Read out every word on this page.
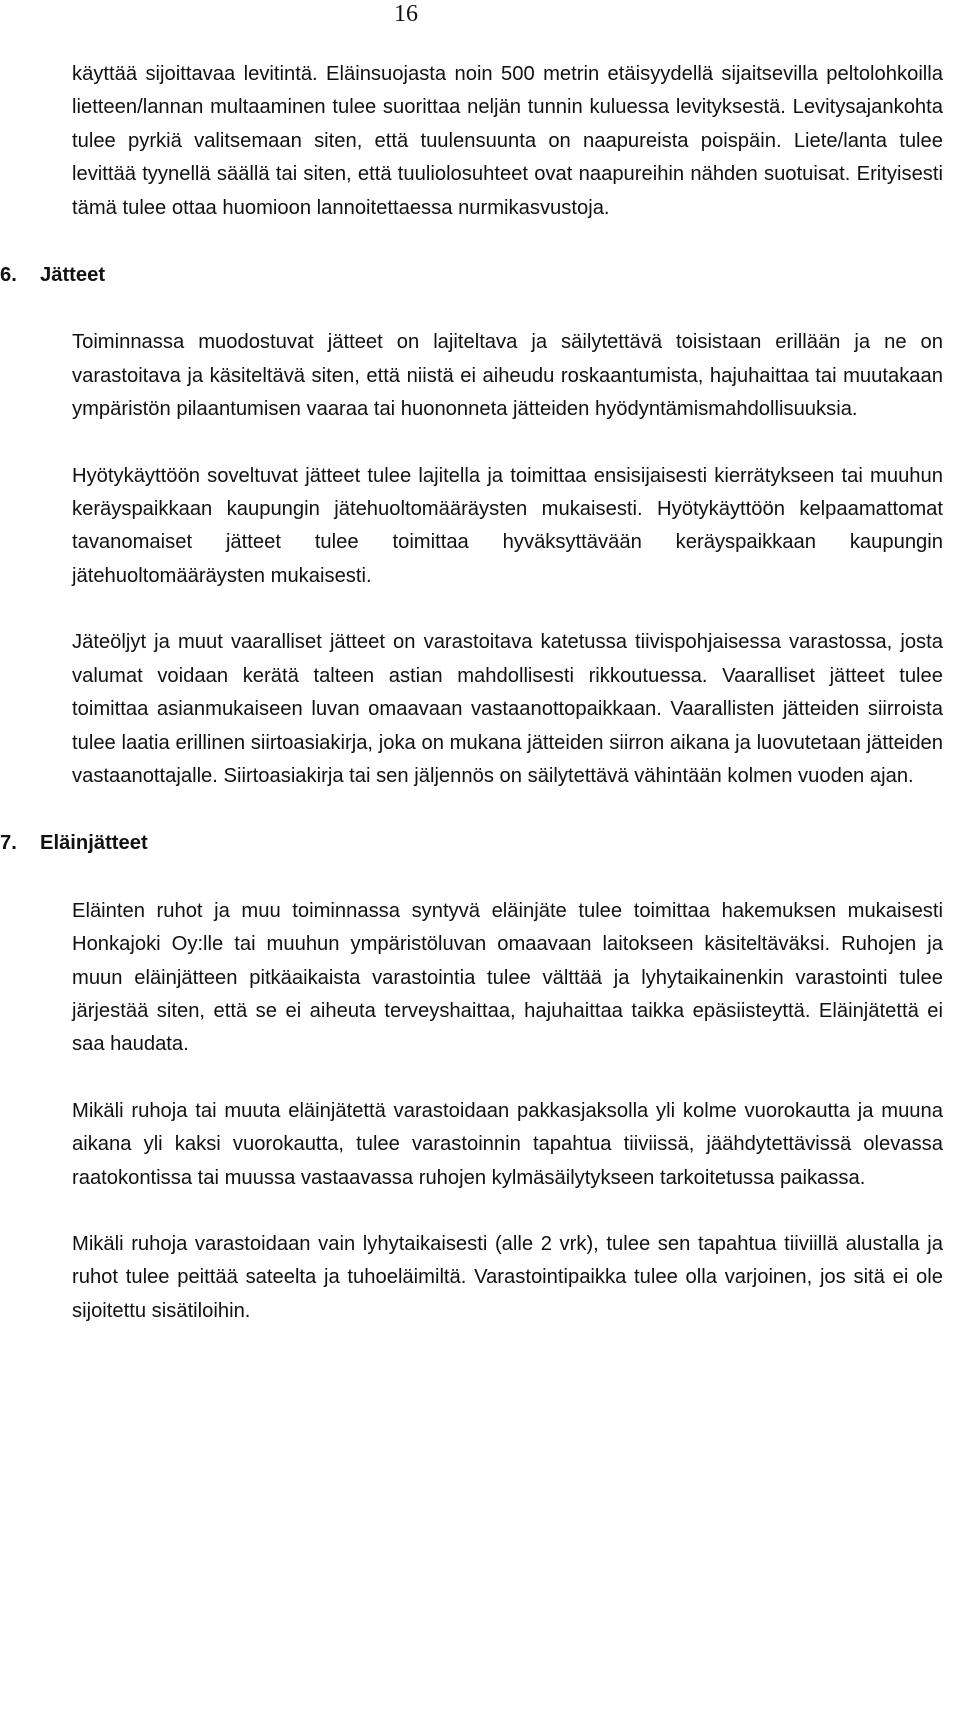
16

käyttää sijoittavaa levitintä. Eläinsuojasta noin 500 metrin etäisyydellä sijaitsevilla peltolohkoilla lietteen/lannan multaaminen tulee suorittaa neljän tunnin kuluessa levityksestä. Levitysajankohta tulee pyrkiä valitsemaan siten, että tuulensuunta on naapureista poispäin. Liete/lanta tulee levittää tyynellä säällä tai siten, että tuuliolosuhteet ovat naapureihin nähden suotuisat. Erityisesti tämä tulee ottaa huomioon lannoitettaessa nurmikasvustoja.

6.	Jätteet

Toiminnassa muodostuvat jätteet on lajiteltava ja säilytettävä toisistaan erillään ja ne on varastoitava ja käsiteltävä siten, että niistä ei aiheudu roskaantumista, hajuhaittaa tai muutakaan ympäristön pilaantumisen vaaraa tai huononneta jätteiden hyödyntämismahdollisuuksia.

Hyötykäyttöön soveltuvat jätteet tulee lajitella ja toimittaa ensisijaisesti kierrätykseen tai muuhun keräyspaikkaan kaupungin jätehuoltomääräysten mukaisesti. Hyötykäyttöön kelpaamattomat tavanomaiset jätteet tulee toimittaa hyväksyttävään keräyspaikkaan kaupungin jätehuoltomääräysten mukaisesti.

Jäteöljyt ja muut vaaralliset jätteet on varastoitava katetussa tiivispohjaisessa varastossa, josta valumat voidaan kerätä talteen astian mahdollisesti rikkoutuessa. Vaaralliset jätteet tulee toimittaa asianmukaiseen luvan omaavaan vastaanottopaikkaan. Vaarallisten jätteiden siirroista tulee laatia erillinen siirtoasiakirja, joka on mukana jätteiden siirron aikana ja luovutetaan jätteiden vastaanottajalle. Siirtoasiakirja tai sen jäljennös on säilytettävä vähintään kolmen vuoden ajan.

7.	Eläinjätteet

Eläinten ruhot ja muu toiminnassa syntyvä eläinjäte tulee toimittaa hakemuksen mukaisesti Honkajoki Oy:lle tai muuhun ympäristöluvan omaavaan laitokseen käsiteltäväksi. Ruhojen ja muun eläinjätteen pitkäaikaista varastointia tulee välttää ja lyhytaikainenkin varastointi tulee järjestää siten, että se ei aiheuta terveyshaittaa, hajuhaittaa taikka epäsiisteyttä. Eläinjätettä ei saa haudata.

Mikäli ruhoja tai muuta eläinjätettä varastoidaan pakkasjaksolla yli kolme vuorokautta ja muuna aikana yli kaksi vuorokautta, tulee varastoinnin tapahtua tiiviissä, jäähdytettävissä olevassa raatokontissa tai muussa vastaavassa ruhojen kylmäsäilytykseen tarkoitetussa paikassa.

Mikäli ruhoja varastoidaan vain lyhytaikaisesti (alle 2 vrk), tulee sen tapahtua tiiviillä alustalla ja ruhot tulee peittää sateelta ja tuhoeläimiltä. Varastointipaikka tulee olla varjoinen, jos sitä ei ole sijoitettu sisätiloihin.
